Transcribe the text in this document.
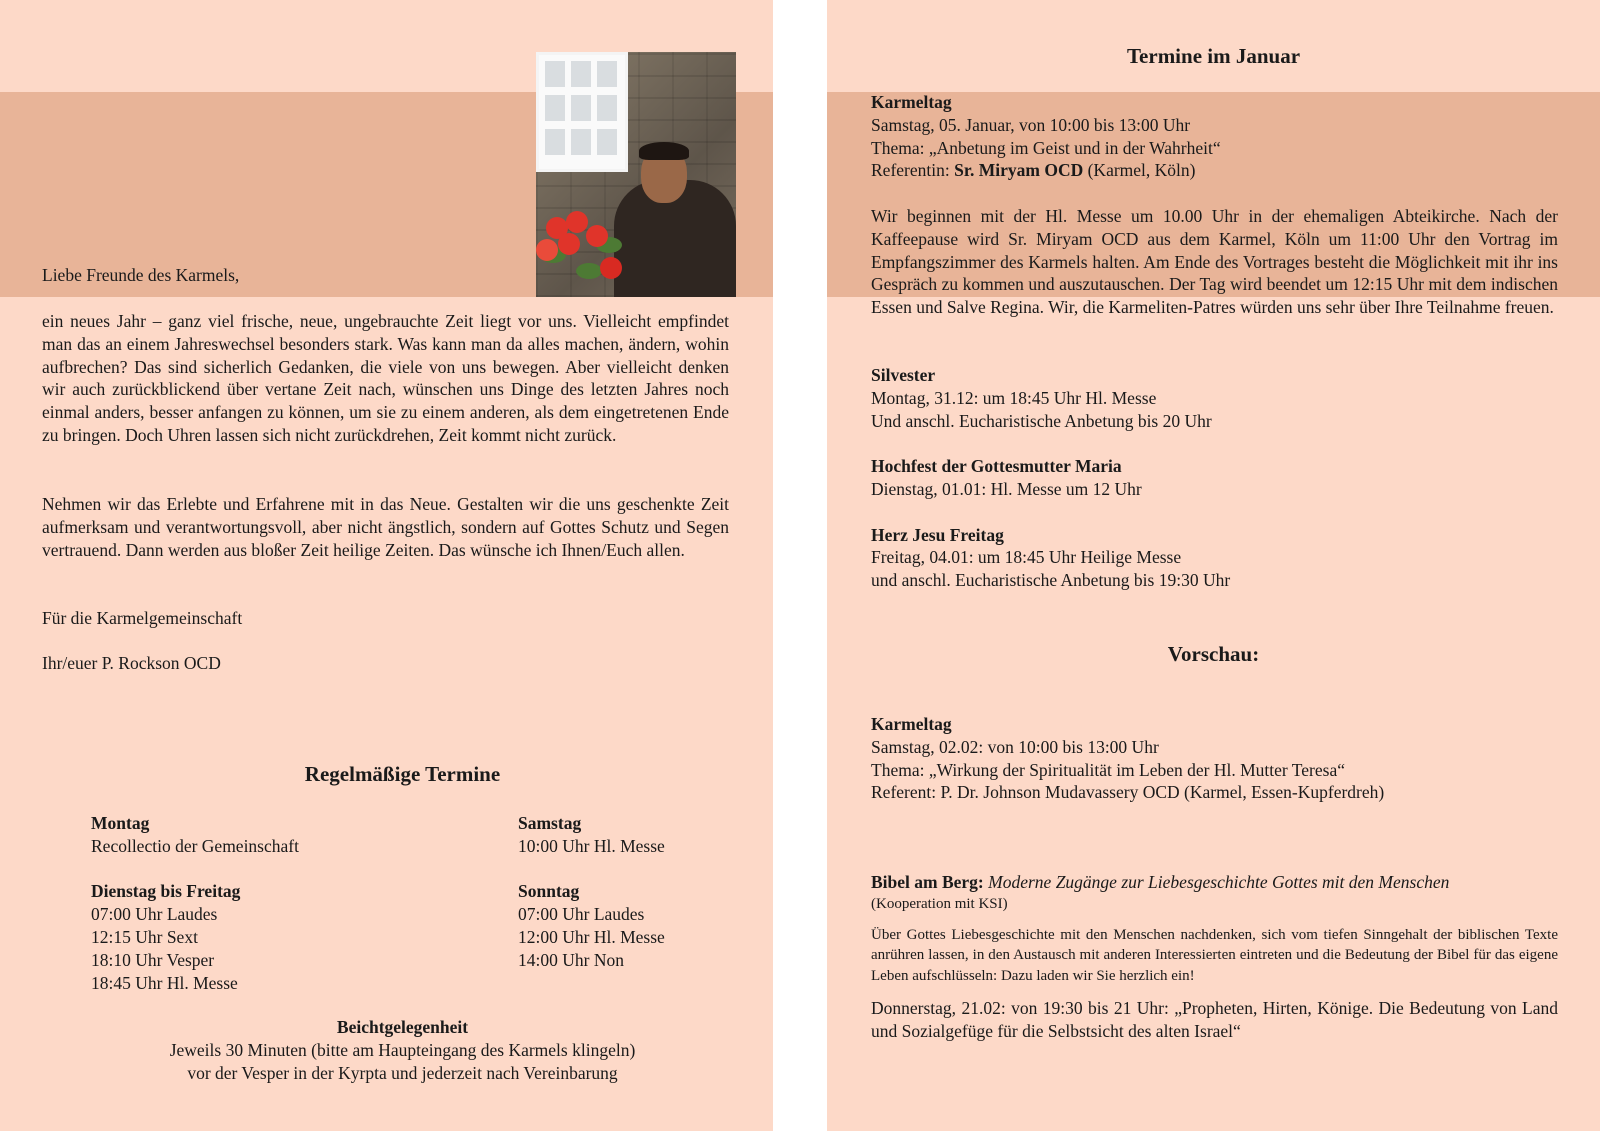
Liebe Freunde des Karmels,
ein neues Jahr – ganz viel frische, neue, ungebrauchte Zeit liegt vor uns. Vielleicht empfindet man das an einem Jahreswechsel besonders stark. Was kann man da alles machen, ändern, wohin aufbrechen? Das sind sicherlich Gedanken, die viele von uns bewegen. Aber vielleicht denken wir auch zurückblickend über vertane Zeit nach, wünschen uns Dinge des letzten Jahres noch einmal anders, besser anfangen zu können, um sie zu einem anderen, als dem eingetretenen Ende zu bringen. Doch Uhren lassen sich nicht zurückdrehen, Zeit kommt nicht zurück.
Nehmen wir das Erlebte und Erfahrene mit in das Neue. Gestalten wir die uns geschenkte Zeit aufmerksam und verantwortungsvoll, aber nicht ängstlich, sondern auf Gottes Schutz und Segen vertrauend. Dann werden aus bloßer Zeit heilige Zeiten. Das wünsche ich Ihnen/Euch allen.
Für die Karmelgemeinschaft
Ihr/euer P. Rockson OCD
Regelmäßige Termine
Montag
Recollectio der Gemeinschaft
Dienstag bis Freitag
07:00 Uhr Laudes
12:15 Uhr Sext
18:10 Uhr Vesper
18:45 Uhr Hl. Messe
Samstag
10:00 Uhr Hl. Messe
Sonntag
07:00 Uhr Laudes
12:00 Uhr Hl. Messe
14:00 Uhr Non
Beichtgelegenheit
Jeweils 30 Minuten (bitte am Haupteingang des Karmels klingeln)
vor der Vesper in der Kyrpta und jederzeit nach Vereinbarung
Termine im Januar
Karmeltag
Samstag, 05. Januar, von 10:00 bis 13:00 Uhr
Thema: „Anbetung im Geist und in der Wahrheit“
Referentin: Sr. Miryam OCD (Karmel, Köln)
Wir beginnen mit der Hl. Messe um 10.00 Uhr in der ehemaligen Abteikirche. Nach der Kaffeepause wird Sr. Miryam OCD aus dem Karmel, Köln um 11:00 Uhr den Vortrag im Empfangszimmer des Karmels halten. Am Ende des Vortrages besteht die Möglichkeit mit ihr ins Gespräch zu kommen und auszutauschen. Der Tag wird beendet um 12:15 Uhr mit dem indischen Essen und Salve Regina. Wir, die Karmeliten-Patres würden uns sehr über Ihre Teilnahme freuen.
Silvester
Montag, 31.12: um 18:45 Uhr Hl. Messe
Und anschl. Eucharistische Anbetung bis 20 Uhr
Hochfest der Gottesmutter Maria
Dienstag, 01.01: Hl. Messe um 12 Uhr
Herz Jesu Freitag
Freitag, 04.01: um 18:45 Uhr Heilige Messe
und anschl. Eucharistische Anbetung bis 19:30 Uhr
Vorschau:
Karmeltag
Samstag, 02.02: von 10:00 bis 13:00 Uhr
Thema: „Wirkung der Spiritualität im Leben der Hl. Mutter Teresa“
Referent: P. Dr. Johnson Mudavassery OCD (Karmel, Essen-Kupferdreh)
Bibel am Berg: Moderne Zugänge zur Liebesgeschichte Gottes mit den Menschen
(Kooperation mit KSI)
Über Gottes Liebesgeschichte mit den Menschen nachdenken, sich vom tiefen Sinngehalt der biblischen Texte anrühren lassen, in den Austausch mit anderen Interessierten eintreten und die Bedeutung der Bibel für das eigene Leben aufschlüsseln: Dazu laden wir Sie herzlich ein!
Donnerstag, 21.02: von 19:30 bis 21 Uhr: „Propheten, Hirten, Könige. Die Bedeutung von Land und Sozialgefüge für die Selbstsicht des alten Israel“
